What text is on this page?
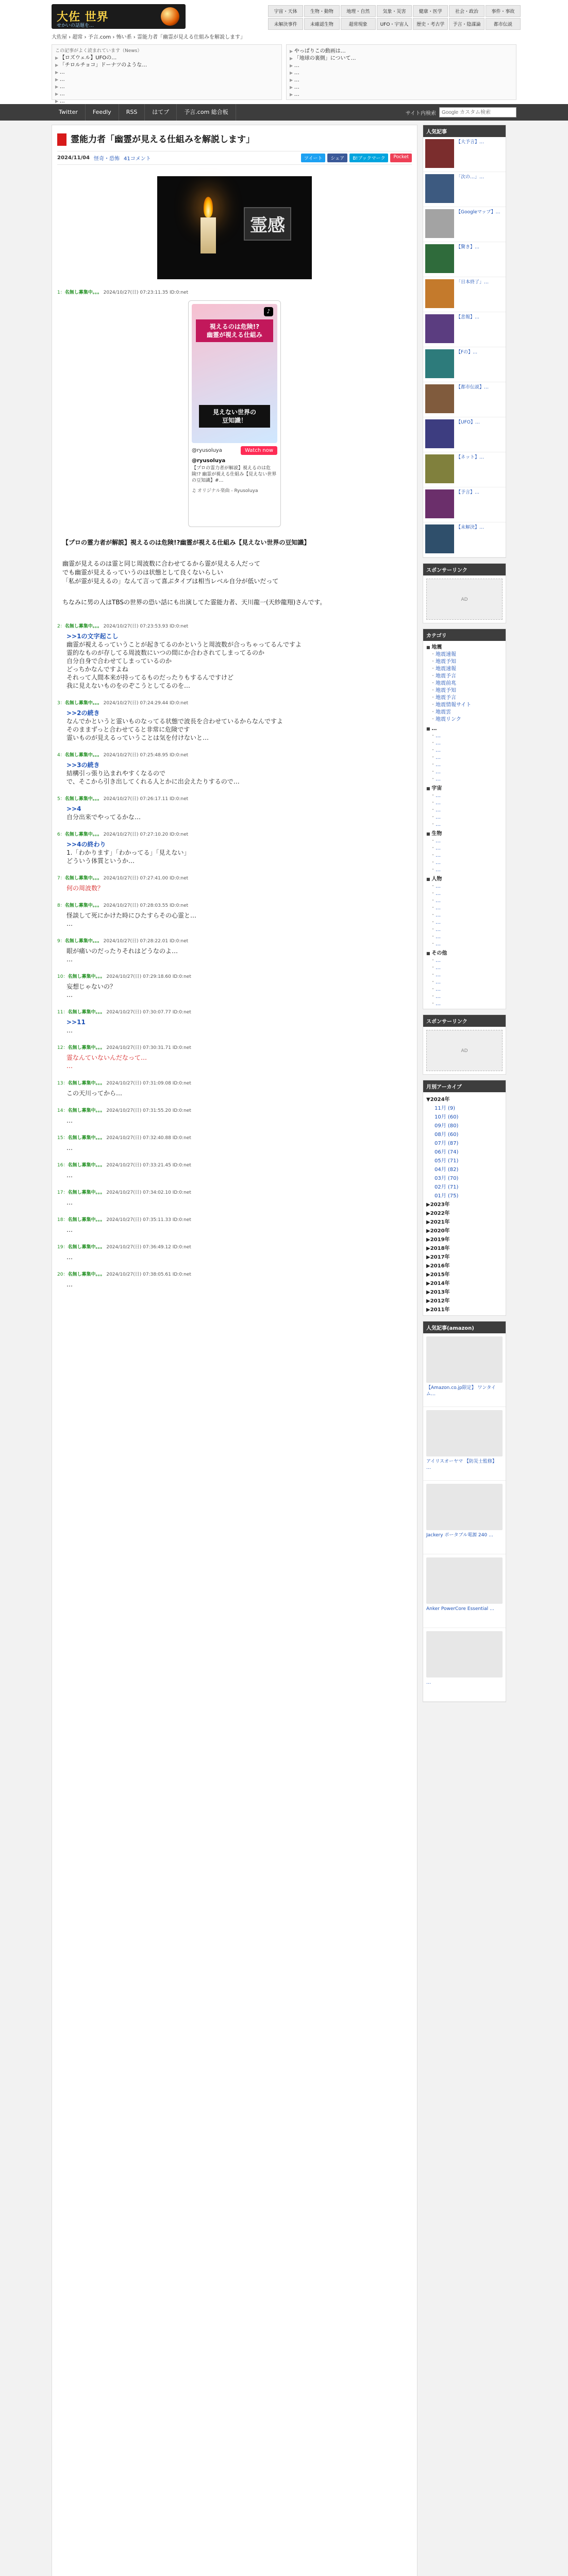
大佐 世界
せかいの話題を…
宇宙・天体	生物・動物	地理・自然	気象・災害	健康・医学	社会・政治	事件・事故
未解決事件	未確認生物	超常現象	UFO・宇宙人	歴史・考古学	予言・陰謀論	都市伝説
大佐屋 › 超常 › 予言.com › 怖い系 › 霊能力者「幽霊が見える仕組みを解説します」
この記事がよく読まれています（News）
▶ 【ロズウェル】UFOの…
▶ 「チロルチョコ」ドーナツのような…
▶ …
▶ …
▶ …
▶ …
▶ …
▶ やっぱりこの動画は…
▶ 「地球の裏側」について…
▶ …
▶ …
▶ …
▶ …
▶ …
Twitter	Feedly	RSS	はてブ	予言.com 総合板	サイト内検索
Google カスタム検索
霊能力者「幽霊が見える仕組みを解説します」
2024/11/04 怪奇・恐怖 41コメント	ツイート	シェア	B!ブックマーク	Pocket
霊感
1：名無し募集中。。。 2024/10/27(日) 07:23:11.35 ID:0:net
♪
視えるのは危険!?
幽霊が視える仕組み
見えない世界の
豆知識！
@ryusoluya	Watch now
@ryusoluya
【プロの霊力者が解説】視えるのは危険!? 幽霊が視える仕組み【見えない世界の豆知識】#…
♫ オリジナル楽曲 - Ryusoluya

【プロの霊力者が解説】視えるのは危険!?幽霊が視える仕組み【見えない世界の豆知識】

幽霊が見えるのは霊と同じ周波数に合わせてるから霊が見える人だって
でも幽霊が見えるっていうのは状態として良くないらしい
「私が霊が見えるの」なんて言って喜ぶタイプは相当レベル自分が低いだって

ちなみに男の人はTBSの世界の恐い話にも出演してた霊能力者、天川龍一(天紗龍翔)さんです。

2：名無し募集中。。。 2024/10/27(日) 07:23:53.93 ID:0:net
>>1の文字起こし
幽霊が視えるっていうことが起きてるのかというと周波数が合っちゃってるんですよ
霊的なものが存してる周波数にいつの間にか合わされてしまってるのか
自分自身で合わせてしまっているのか
どっちかなんですよね
それって人間本来が持ってるものだったりもするんですけど
我に見えないものをのぞこうとしてるのを…
3：名無し募集中。。。 2024/10/27(日) 07:24:29.44 ID:0:net
>>2の続き
なんでかというと霊いものなってる状態で波長を合わせているからなんですよ
そのままずっと合わせてると非常に危険です
霊いものが見えるっていうことは気を付けないと…
4：名無し募集中。。。 2024/10/27(日) 07:25:48.95 ID:0:net
>>3の続き
結構引っ張り込まれやすくなるので
で、そこから引き出してくれる人とかに出会えたりするので…
5：名無し募集中。。。 2024/10/27(日) 07:26:17.11 ID:0:net
>>4
自分出来でやってるかな…
6：名無し募集中。。。 2024/10/27(日) 07:27:10.20 ID:0:net
>>4の終わり
1.「わかります」「わかってる」「見えない」
どういう体質というか…
7：名無し募集中。。。 2024/10/27(日) 07:27:41.00 ID:0:net
何の周波数？
8：名無し募集中。。。 2024/10/27(日) 07:28:03.55 ID:0:net
怪談して死にかけた時にひたすらその心霊と…
…
9：名無し募集中。。。 2024/10/27(日) 07:28:22.01 ID:0:net
眼が痛いのだったりそれはどうなのよ…
…
10：名無し募集中。。。 2024/10/27(日) 07:29:18.60 ID:0:net
妄想じゃないの？
…
11：名無し募集中。。。 2024/10/27(日) 07:30:07.77 ID:0:net
>>11
…
12：名無し募集中。。。 2024/10/27(日) 07:30:31.71 ID:0:net
霊なんていないんだなって…
…
13：名無し募集中。。。 2024/10/27(日) 07:31:09.08 ID:0:net
この天川ってから…
14：名無し募集中。。。 2024/10/27(日) 07:31:55.20 ID:0:net
…
15：名無し募集中。。。 2024/10/27(日) 07:32:40.88 ID:0:net
…
16：名無し募集中。。。 2024/10/27(日) 07:33:21.45 ID:0:net
…
17：名無し募集中。。。 2024/10/27(日) 07:34:02.10 ID:0:net
…
18：名無し募集中。。。 2024/10/27(日) 07:35:11.33 ID:0:net
…
19：名無し募集中。。。 2024/10/27(日) 07:36:49.12 ID:0:net
…
20：名無し募集中。。。 2024/10/27(日) 07:38:05.61 ID:0:net
…
人気記事
【大予言】…
「次の…」…
【Googleマップ】…
【驚き】…
「日本終了」…
【悲報】…
【Fの】…
【都市伝説】…
【UFO】…
【ネット】…
【予言】…
【未解決】…
スポンサーリンク
AD
カテゴリ
■ 地震
・ 地震速報
・ 地震予知
・ 地震速報
・ 地震予言
・ 地震前兆
・ 地震予知
・ 地震予言
・ 地震情報サイト
・ 地震雲
・ 地震リンク
■ …
・ …
・ …
・ …
・ …
・ …
・ …
・ …
■ 宇宙
・ …
・ …
・ …
・ …
・ …
■ 生物
・ …
・ …
・ …
・ …
・ …
■ 人物
・ …
・ …
・ …
・ …
・ …
・ …
・ …
・ …
・ …
■ その他
・ …
・ …
・ …
・ …
・ …
・ …
・ …
スポンサーリンク
AD
月別アーカイブ
▼2024年
11月 (9)
10月 (60)
09月 (80)
08月 (60)
07月 (87)
06月 (74)
05月 (71)
04月 (82)
03月 (70)
02月 (71)
01月 (75)
▶2023年
▶2022年
▶2021年
▶2020年
▶2019年
▶2018年
▶2017年
▶2016年
▶2015年
▶2014年
▶2013年
▶2012年
▶2011年
人気記事(amazon)
【Amazon.co.jp限定】 ワンタイム…
アイリスオーヤマ 【防災士監修】 …
Jackery ポータブル電源 240 …
Anker PowerCore Essential …
…
